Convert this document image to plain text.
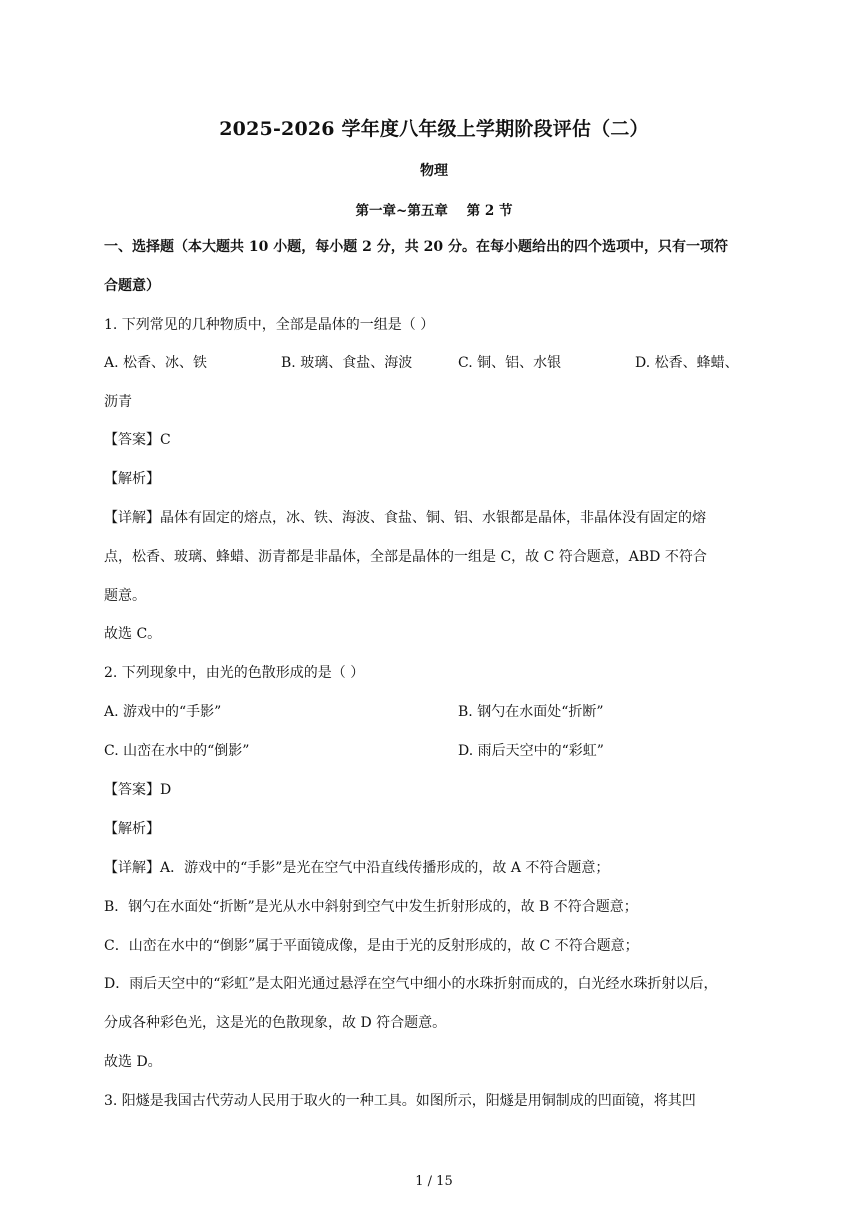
2025-2026 学年度八年级上学期阶段评估（二）
物理
第一章~第五章    第 2 节
一、选择题（本大题共 10 小题，每小题 2 分，共 20 分。在每小题给出的四个选项中，只有一项符
合题意）
1. 下列常见的几种物质中，全部是晶体的一组是（ ）
A. 松香、冰、铁	B. 玻璃、食盐、海波	C. 铜、铝、水银	D. 松香、蜂蜡、
沥青
【答案】C
【解析】
【详解】晶体有固定的熔点，冰、铁、海波、食盐、铜、铝、水银都是晶体，非晶体没有固定的熔
点，松香、玻璃、蜂蜡、沥青都是非晶体，全部是晶体的一组是 C，故 C 符合题意，ABD 不符合
题意。
故选 C。
2. 下列现象中，由光的色散形成的是（ ）
A. 游戏中的“手影”	B. 钢勺在水面处“折断”
C. 山峦在水中的“倒影”	D. 雨后天空中的“彩虹”
【答案】D
【解析】
【详解】A．游戏中的“手影”是光在空气中沿直线传播形成的，故 A 不符合题意；
B．钢勺在水面处“折断”是光从水中斜射到空气中发生折射形成的，故 B 不符合题意；
C．山峦在水中的“倒影”属于平面镜成像，是由于光的反射形成的，故 C 不符合题意；
D．雨后天空中的“彩虹”是太阳光通过悬浮在空气中细小的水珠折射而成的，白光经水珠折射以后，
分成各种彩色光，这是光的色散现象，故 D 符合题意。
故选 D。
3. 阳燧是我国古代劳动人民用于取火的一种工具。如图所示，阳燧是用铜制成的凹面镜，将其凹
1 / 15
